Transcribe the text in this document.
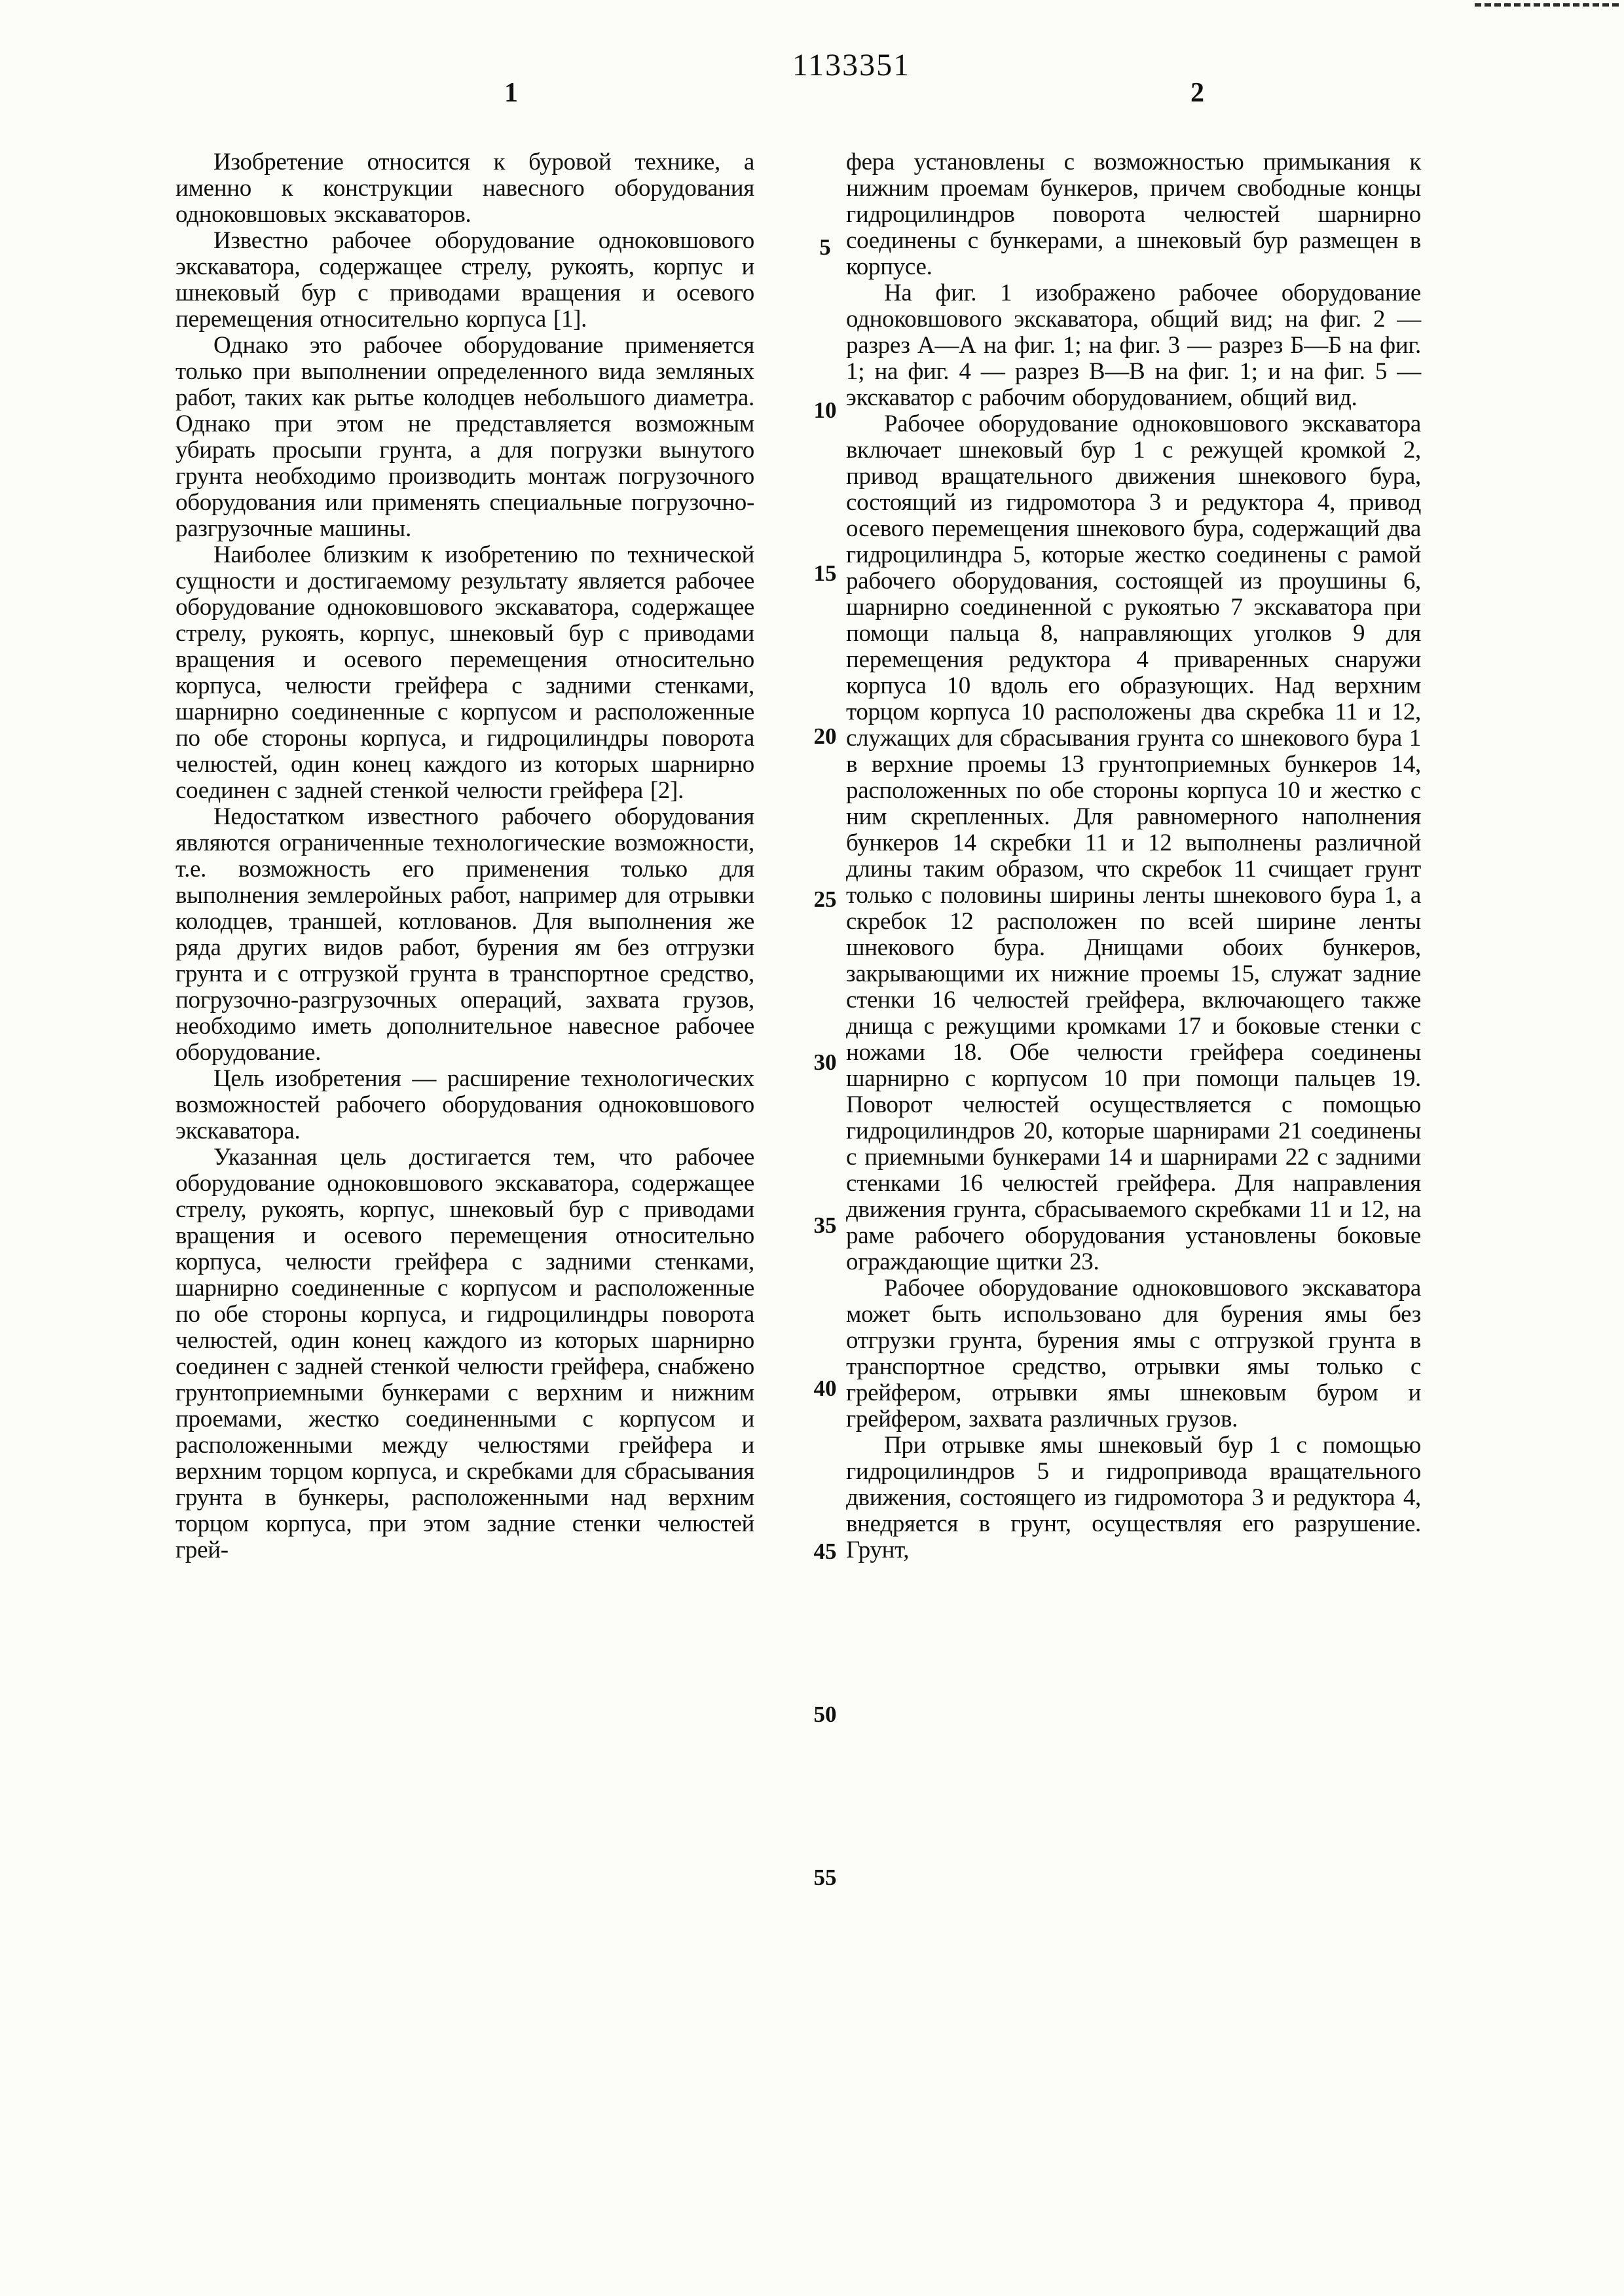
1133351
1	2

Изобретение относится к буровой технике, а именно к конструкции навесного оборудования одноковшовых экскаваторов.

Известно рабочее оборудование одноковшового экскаватора, содержащее стрелу, рукоять, корпус и шнековый бур с приводами вращения и осевого перемещения относительно корпуса [1].

Однако это рабочее оборудование применяется только при выполнении определенного вида земляных работ, таких как рытье колодцев небольшого диаметра. Однако при этом не представляется возможным убирать просыпи грунта, а для погрузки вынутого грунта необходимо производить монтаж погрузочного оборудования или применять специальные погрузочно-разгрузочные машины.

Наиболее близким к изобретению по технической сущности и достигаемому результату является рабочее оборудование одноковшового экскаватора, содержащее стрелу, рукоять, корпус, шнековый бур с приводами вращения и осевого перемещения относительно корпуса, челюсти грейфера с задними стенками, шарнирно соединенные с корпусом и расположенные по обе стороны корпуса, и гидроцилиндры поворота челюстей, один конец каждого из которых шарнирно соединен с задней стенкой челюсти грейфера [2].

Недостатком известного рабочего оборудования являются ограниченные технологические возможности, т.е. возможность его применения только для выполнения землеройных работ, например для отрывки колодцев, траншей, котлованов. Для выполнения же ряда других видов работ, бурения ям без отгрузки грунта и с отгрузкой грунта в транспортное средство, погрузочно-разгрузочных операций, захвата грузов, необходимо иметь дополнительное навесное рабочее оборудование.

Цель изобретения — расширение технологических возможностей рабочего оборудования одноковшового экскаватора.

Указанная цель достигается тем, что рабочее оборудование одноковшового экскаватора, содержащее стрелу, рукоять, корпус, шнековый бур с приводами вращения и осевого перемещения относительно корпуса, челюсти грейфера с задними стенками, шарнирно соединенные с корпусом и расположенные по обе стороны корпуса, и гидроцилиндры поворота челюстей, один конец каждого из которых шарнирно соединен с задней стенкой челюсти грейфера, снабжено грунтоприемными бункерами с верхним и нижним проемами, жестко соединенными с корпусом и расположенными между челюстями грейфера и верхним торцом корпуса, и скребками для сбрасывания грунта в бункеры, расположенными над верхним торцом корпуса, при этом задние стенки челюстей грей-

фера установлены с возможностью примыкания к нижним проемам бункеров, причем свободные концы гидроцилиндров поворота челюстей шарнирно соединены с бункерами, а шнековый бур размещен в корпусе.

На фиг. 1 изображено рабочее оборудование одноковшового экскаватора, общий вид; на фиг. 2 — разрез А—А на фиг. 1; на фиг. 3 — разрез Б—Б на фиг. 1; на фиг. 4 — разрез В—В на фиг. 1; и на фиг. 5 — экскаватор с рабочим оборудованием, общий вид.

Рабочее оборудование одноковшового экскаватора включает шнековый бур 1 с режущей кромкой 2, привод вращательного движения шнекового бура, состоящий из гидромотора 3 и редуктора 4, привод осевого перемещения шнекового бура, содержащий два гидроцилиндра 5, которые жестко соединены с рамой рабочего оборудования, состоящей из проушины 6, шарнирно соединенной с рукоятью 7 экскаватора при помощи пальца 8, направляющих уголков 9 для перемещения редуктора 4 приваренных снаружи корпуса 10 вдоль его образующих. Над верхним торцом корпуса 10 расположены два скребка 11 и 12, служащих для сбрасывания грунта со шнекового бура 1 в верхние проемы 13 грунтоприемных бункеров 14, расположенных по обе стороны корпуса 10 и жестко с ним скрепленных. Для равномерного наполнения бункеров 14 скребки 11 и 12 выполнены различной длины таким образом, что скребок 11 счищает грунт только с половины ширины ленты шнекового бура 1, а скребок 12 расположен по всей ширине ленты шнекового бура. Днищами обоих бункеров, закрывающими их нижние проемы 15, служат задние стенки 16 челюстей грейфера, включающего также днища с режущими кромками 17 и боковые стенки с ножами 18. Обе челюсти грейфера соединены шарнирно с корпусом 10 при помощи пальцев 19. Поворот челюстей осуществляется с помощью гидроцилиндров 20, которые шарнирами 21 соединены с приемными бункерами 14 и шарнирами 22 с задними стенками 16 челюстей грейфера. Для направления движения грунта, сбрасываемого скребками 11 и 12, на раме рабочего оборудования установлены боковые ограждающие щитки 23.

Рабочее оборудование одноковшового экскаватора может быть использовано для бурения ямы без отгрузки грунта, бурения ямы с отгрузкой грунта в транспортное средство, отрывки ямы только с грейфером, отрывки ямы шнековым буром и грейфером, захвата различных грузов.

При отрывке ямы шнековый бур 1 с помощью гидроцилиндров 5 и гидропривода вращательного движения, состоящего из гидромотора 3 и редуктора 4, внедряется в грунт, осуществляя его разрушение. Грунт,

5
10
15
20
25
30
35
40
45
50
55
